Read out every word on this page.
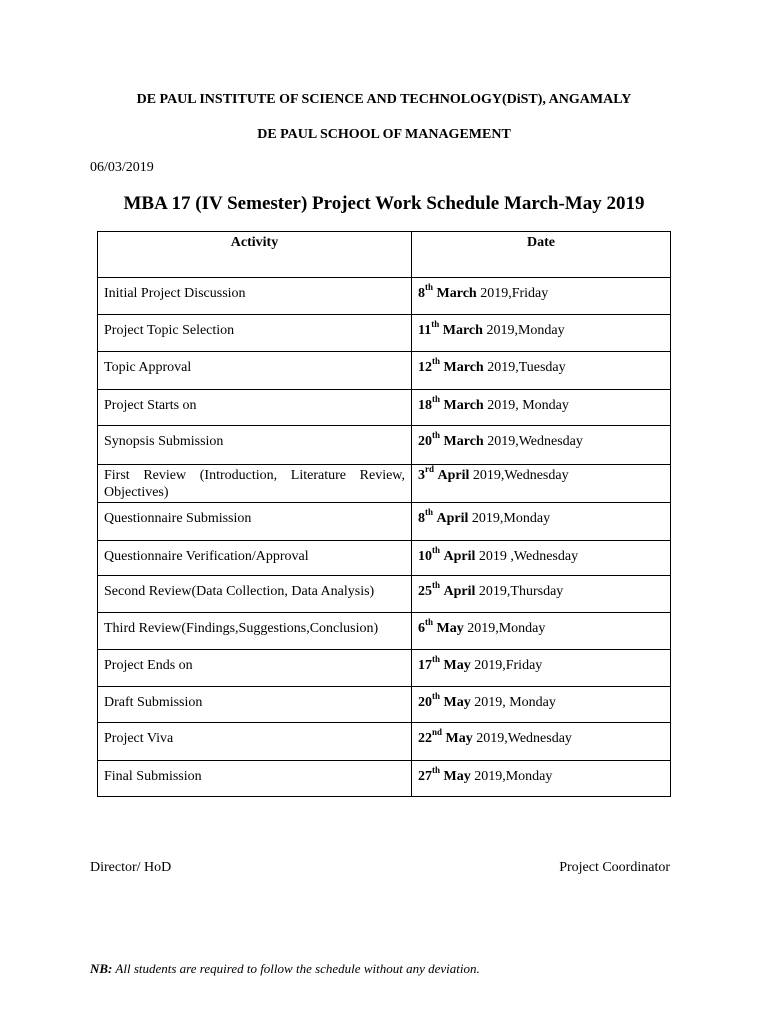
DE PAUL INSTITUTE OF SCIENCE AND TECHNOLOGY(DiST), ANGAMALY
DE PAUL SCHOOL OF MANAGEMENT
06/03/2019
MBA 17 (IV Semester) Project Work Schedule March-May 2019
Activity	Date
Initial Project Discussion	8th March 2019,Friday
Project Topic Selection	11th March 2019,Monday
Topic Approval	12th March 2019,Tuesday
Project Starts on	18th March 2019, Monday
Synopsis Submission	20th March 2019,Wednesday
First Review (Introduction, Literature Review, Objectives)	3rd April 2019,Wednesday
Questionnaire Submission	8th April 2019,Monday
Questionnaire Verification/Approval	10th April 2019 ,Wednesday
Second Review(Data Collection, Data Analysis)	25th April 2019,Thursday
Third Review(Findings,Suggestions,Conclusion)	6th May 2019,Monday
Project Ends on	17th May 2019,Friday
Draft Submission	20th May 2019, Monday
Project Viva	22nd May 2019,Wednesday
Final Submission	27th May 2019,Monday
Director/ HoD	Project Coordinator
NB: All students are required to follow the schedule without any deviation.
